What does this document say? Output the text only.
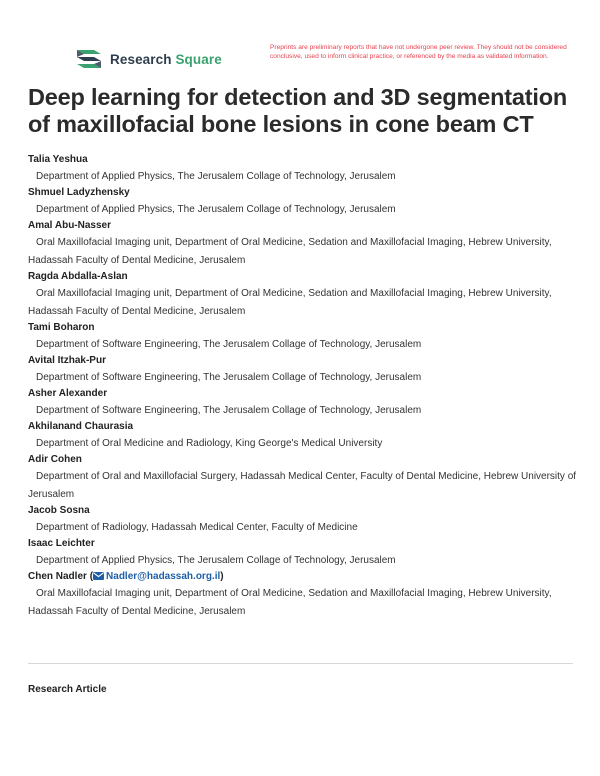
Research Square
Preprints are preliminary reports that have not undergone peer review. They should not be considered conclusive, used to inform clinical practice, or referenced by the media as validated information.
Deep learning for detection and 3D segmentation of maxillofacial bone lesions in cone beam CT
Talia Yeshua
Department of Applied Physics, The Jerusalem Collage of Technology, Jerusalem
Shmuel Ladyzhensky
Department of Applied Physics, The Jerusalem Collage of Technology, Jerusalem
Amal Abu-Nasser
Oral Maxillofacial Imaging unit, Department of Oral Medicine, Sedation and Maxillofacial Imaging, Hebrew University, Hadassah Faculty of Dental Medicine, Jerusalem
Ragda Abdalla-Aslan
Oral Maxillofacial Imaging unit, Department of Oral Medicine, Sedation and Maxillofacial Imaging, Hebrew University, Hadassah Faculty of Dental Medicine, Jerusalem
Tami Boharon
Department of Software Engineering, The Jerusalem Collage of Technology, Jerusalem
Avital Itzhak-Pur
Department of Software Engineering, The Jerusalem Collage of Technology, Jerusalem
Asher Alexander
Department of Software Engineering, The Jerusalem Collage of Technology, Jerusalem
Akhilanand Chaurasia
Department of Oral Medicine and Radiology, King George's Medical University
Adir Cohen
Department of Oral and Maxillofacial Surgery, Hadassah Medical Center, Faculty of Dental Medicine, Hebrew University of Jerusalem
Jacob Sosna
Department of Radiology, Hadassah Medical Center, Faculty of Medicine
Isaac Leichter
Department of Applied Physics, The Jerusalem Collage of Technology, Jerusalem
Chen Nadler ( Nadler@hadassah.org.il)
Oral Maxillofacial Imaging unit, Department of Oral Medicine, Sedation and Maxillofacial Imaging, Hebrew University, Hadassah Faculty of Dental Medicine, Jerusalem
Research Article
